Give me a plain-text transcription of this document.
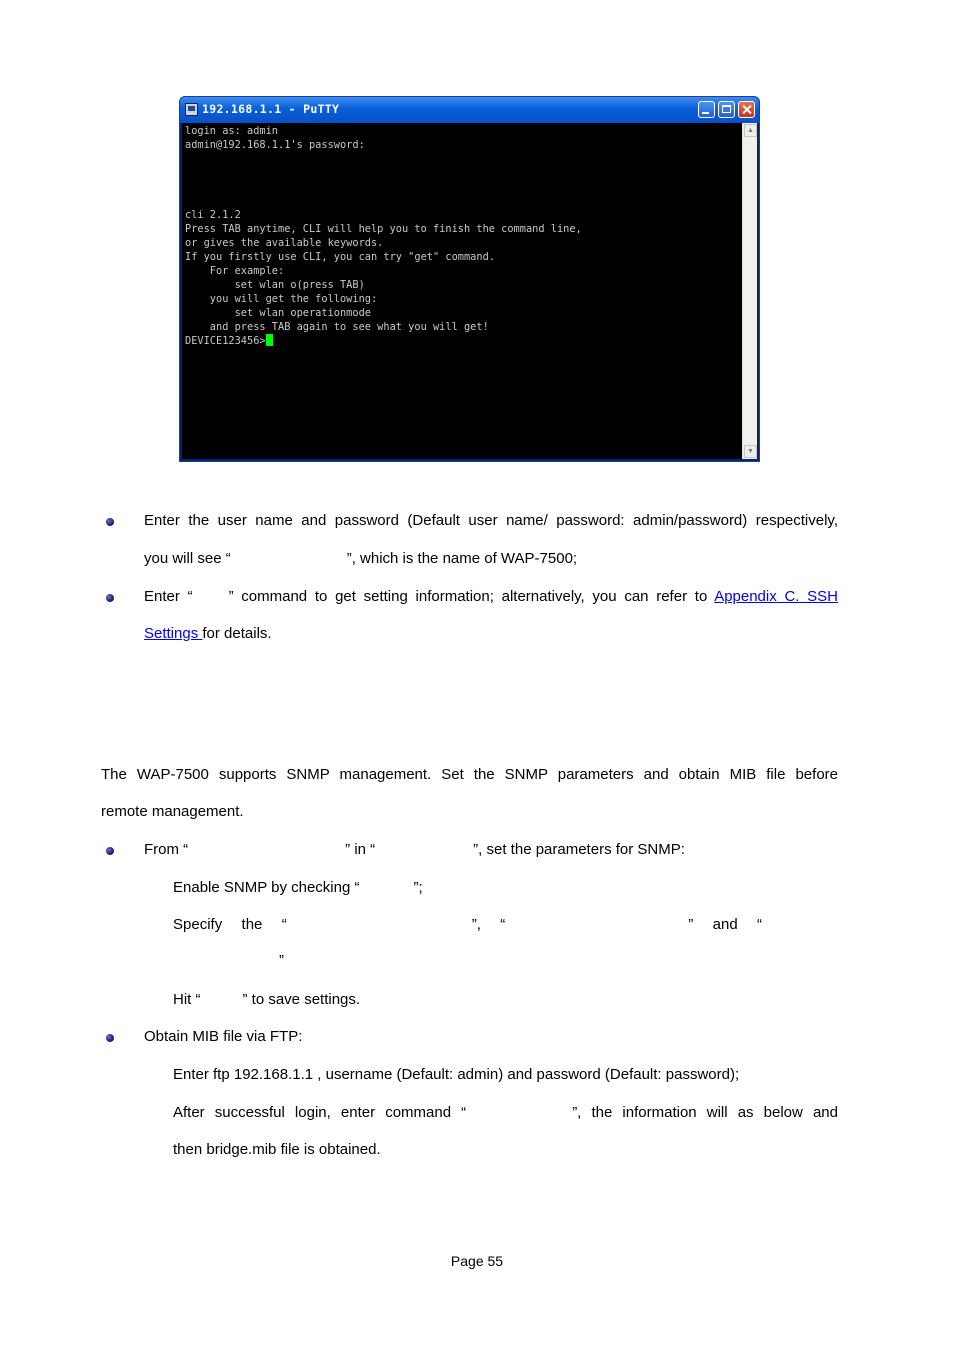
192.168.1.1 - PuTTY
login as: admin
admin@192.168.1.1's password:
cli 2.1.2
Press TAB anytime, CLI will help you to finish the command line,
or gives the available keywords.
If you firstly use CLI, you can try "get" command.
For example:
set wlan o(press TAB)
you will get the following:
set wlan operationmode
and press TAB again to see what you will get!
DEVICE123456>
▲
▼
Enter the user name and password (Default user name/ password: admin/password) respectively,
you will see “	”, which is the name of WAP-7500;
Enter “ ” command to get setting information; alternatively, you can refer to Appendix C. SSH
Settings for details.
The WAP-7500 supports SNMP management. Set the SNMP parameters and obtain MIB file before
remote management.
From “	” in “	”, set the parameters for SNMP:
Enable SNMP by checking “	”;
Specify the “	”, “	” and “
”
Hit “	” to save settings.
Obtain MIB file via FTP:
Enter ftp 192.168.1.1 , username (Default: admin) and password (Default: password);
After successful login, enter command “	”, the information will as below and
then bridge.mib file is obtained.
Page 55
